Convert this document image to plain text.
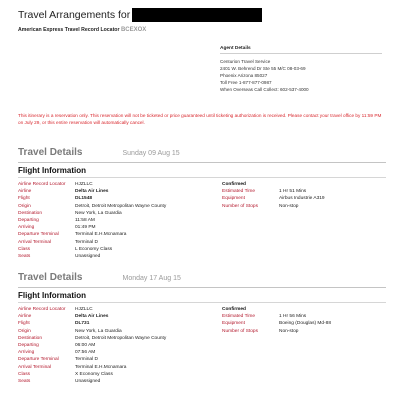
Travel Arrangements for
American Express Travel Record Locator BCEXOX
Agent Details
Centurion Travel Service
2401 W. Behrend Dr Ste 55 M/C 08-03-69
Phoenix Arizona 85027
Toll Free 1-877-877-0987
When Overseas Call Collect: 602-537-4000
This itinerary is a reservation only. This reservation will not be ticketed or price guaranteed until ticketing authorization is received. Please contact your travel office by 11:59 PM on July 29, or this entire reservation will automatically cancel.
Travel Details	Sunday 09 Aug 15
Flight Information
Airline Record Locator	HJZLLC
Airline	Delta Air Lines
Flight	DL1548
Origin	Detroit, Detroit Metropolitan Wayne County
Destination	New York, La Guardia
Departing	11:58 AM
Arriving	01:49 PM
Departure Terminal	Terminal E.H.Mcnamara
Arrival Terminal	Terminal D
Class	L Economy Class
Seats	Unassigned
Confirmed
Estimated Time	1 Hr 51 Mins
Equipment	Airbus Industrie A319
Number of Stops	Non-stop
Travel Details	Monday 17 Aug 15
Flight Information
Airline Record Locator	HJZLLC
Airline	Delta Air Lines
Flight	DL731
Origin	New York, La Guardia
Destination	Detroit, Detroit Metropolitan Wayne County
Departing	06:00 AM
Arriving	07:56 AM
Departure Terminal	Terminal D
Arrival Terminal	Terminal E.H.Mcnamara
Class	X Economy Class
Seats	Unassigned
Confirmed
Estimated Time	1 Hr 56 Mins
Equipment	Boeing (Douglas) Md-88
Number of Stops	Non-stop
